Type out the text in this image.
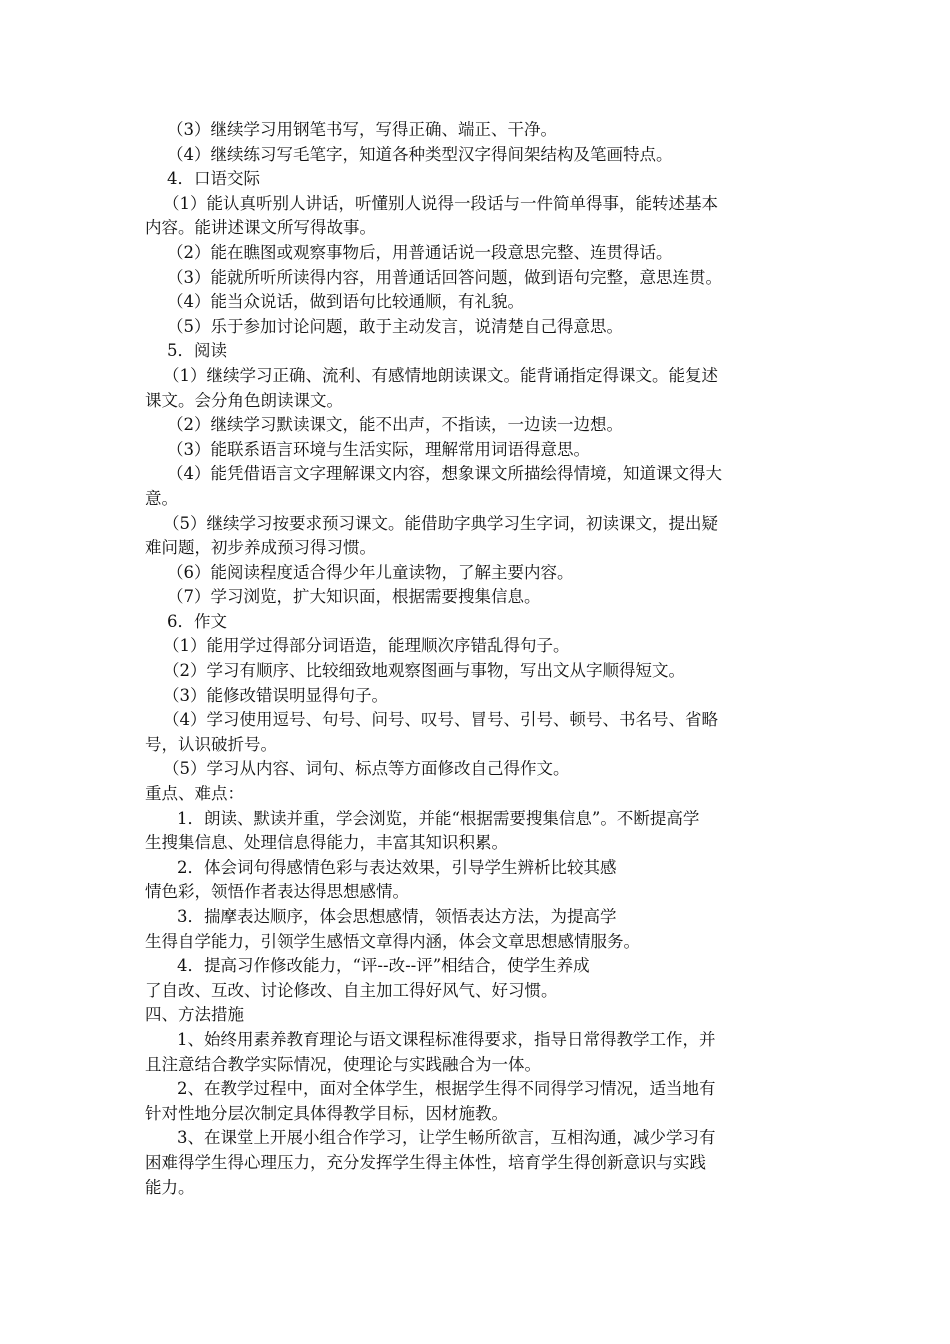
（3）继续学习用钢笔书写，写得正确、端正、干净。

（4）继续练习写毛笔字，知道各种类型汉字得间架结构及笔画特点。

4．口语交际

（1）能认真听别人讲话，听懂别人说得一段话与一件简单得事，能转述基本

内容。能讲述课文所写得故事。

（2）能在瞧图或观察事物后，用普通话说一段意思完整、连贯得话。

（3）能就所听所读得内容，用普通话回答问题，做到语句完整，意思连贯。

（4）能当众说话，做到语句比较通顺，有礼貌。

（5）乐于参加讨论问题，敢于主动发言，说清楚自己得意思。

5．阅读

（1）继续学习正确、流利、有感情地朗读课文。能背诵指定得课文。能复述

课文。会分角色朗读课文。

（2）继续学习默读课文，能不出声，不指读，一边读一边想。

（3）能联系语言环境与生活实际，理解常用词语得意思。

（4）能凭借语言文字理解课文内容，想象课文所描绘得情境，知道课文得大

意。

（5）继续学习按要求预习课文。能借助字典学习生字词，初读课文，提出疑

难问题，初步养成预习得习惯。

（6）能阅读程度适合得少年儿童读物，了解主要内容。

（7）学习浏览，扩大知识面，根据需要搜集信息。

6．作文

（1）能用学过得部分词语造，能理顺次序错乱得句子。

（2）学习有顺序、比较细致地观察图画与事物，写出文从字顺得短文。

（3）能修改错误明显得句子。

（4）学习使用逗号、句号、问号、叹号、冒号、引号、顿号、书名号、省略

号，认识破折号。

（5）学习从内容、词句、标点等方面修改自己得作文。

重点、难点：

1．朗读、默读并重，学会浏览，并能“根据需要搜集信息”。不断提高学

生搜集信息、处理信息得能力，丰富其知识积累。

2．体会词句得感情色彩与表达效果，引导学生辨析比较其感

情色彩，领悟作者表达得思想感情。

3．揣摩表达顺序，体会思想感情，领悟表达方法，为提高学

生得自学能力，引领学生感悟文章得内涵，体会文章思想感情服务。

4．提高习作修改能力，“评--改--评”相结合，使学生养成

了自改、互改、讨论修改、自主加工得好风气、好习惯。

四、方法措施

1、始终用素养教育理论与语文课程标准得要求，指导日常得教学工作，并

且注意结合教学实际情况，使理论与实践融合为一体。

2、在教学过程中，面对全体学生，根据学生得不同得学习情况，适当地有

针对性地分层次制定具体得教学目标，因材施教。

3、在课堂上开展小组合作学习，让学生畅所欲言，互相沟通，减少学习有

困难得学生得心理压力，充分发挥学生得主体性，培育学生得创新意识与实践

能力。
